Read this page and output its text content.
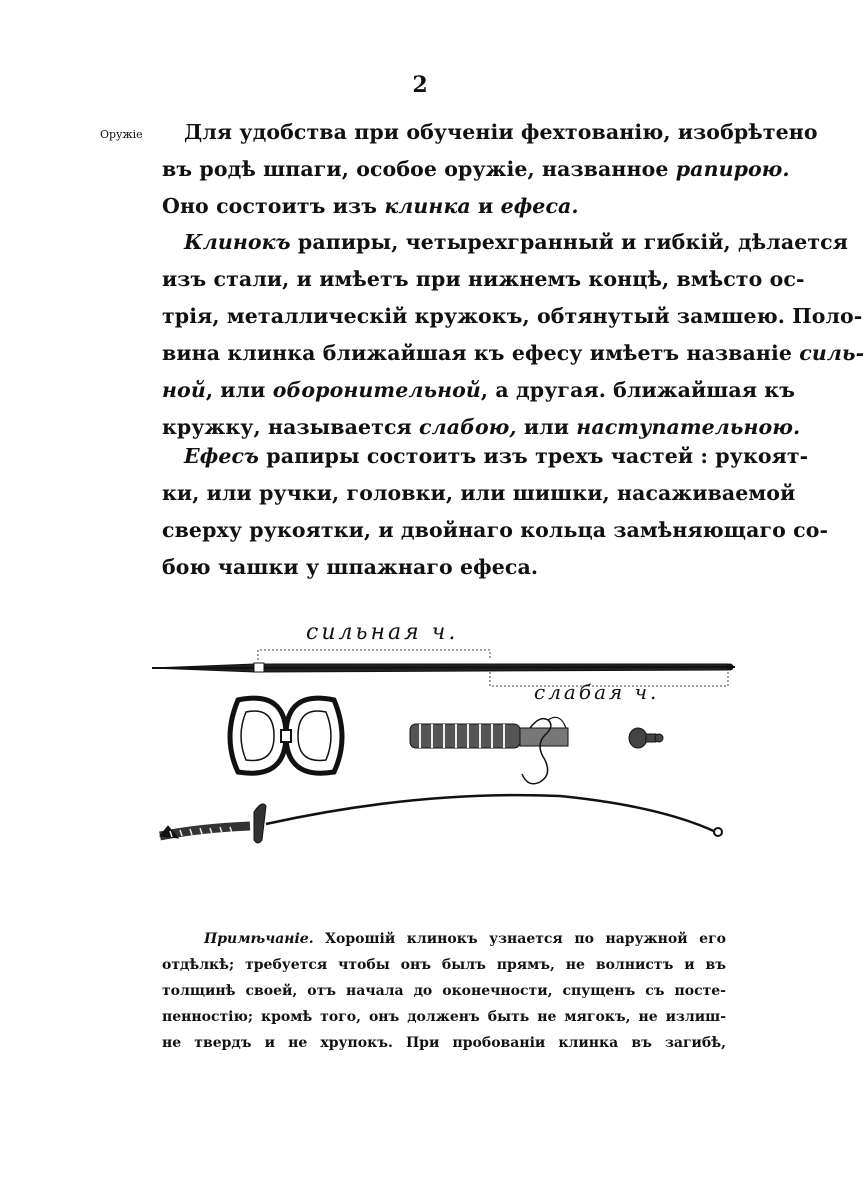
2
Оружіе	Для удобства при обученіи фехтованію, изобрѣтено
въ родѣ шпаги, особое оружіе, названное рапирою.
Оно состоитъ изъ клинка и ефеса.
Клинокъ рапиры, четырехгранный и гибкій, дѣлается
изъ стали, и имѣетъ при нижнемъ концѣ, вмѣсто ос-
трія, металлическій кружокъ, обтянутый замшею. Поло-
вина клинка ближайшая къ ефесу имѣетъ названіе силь-
ной, или оборонительной, а другая. ближайшая къ
кружку, называется слабою, или наступательною.
Ефесъ рапиры состоитъ изъ трехъ частей : рукоят-
ки, или ручки, головки, или шишки, насаживаемой
сверху рукоятки, и двойнаго кольца замѣняющаго со-
бою чашки у шпажнаго ефеса.
сильная ч.
слабая ч.
Примѣчаніе. Хорошій клинокъ узнается по наружной его
отдѣлкѣ; требуется чтобы онъ былъ прямъ, не волнистъ и въ
толщинѣ своей, отъ начала до оконечности, спущенъ съ посте-
пенностію; кромѣ того, онъ долженъ быть не мягокъ, не излиш-
не твердъ и не хрупокъ. При пробованіи клинка въ загибѣ,
